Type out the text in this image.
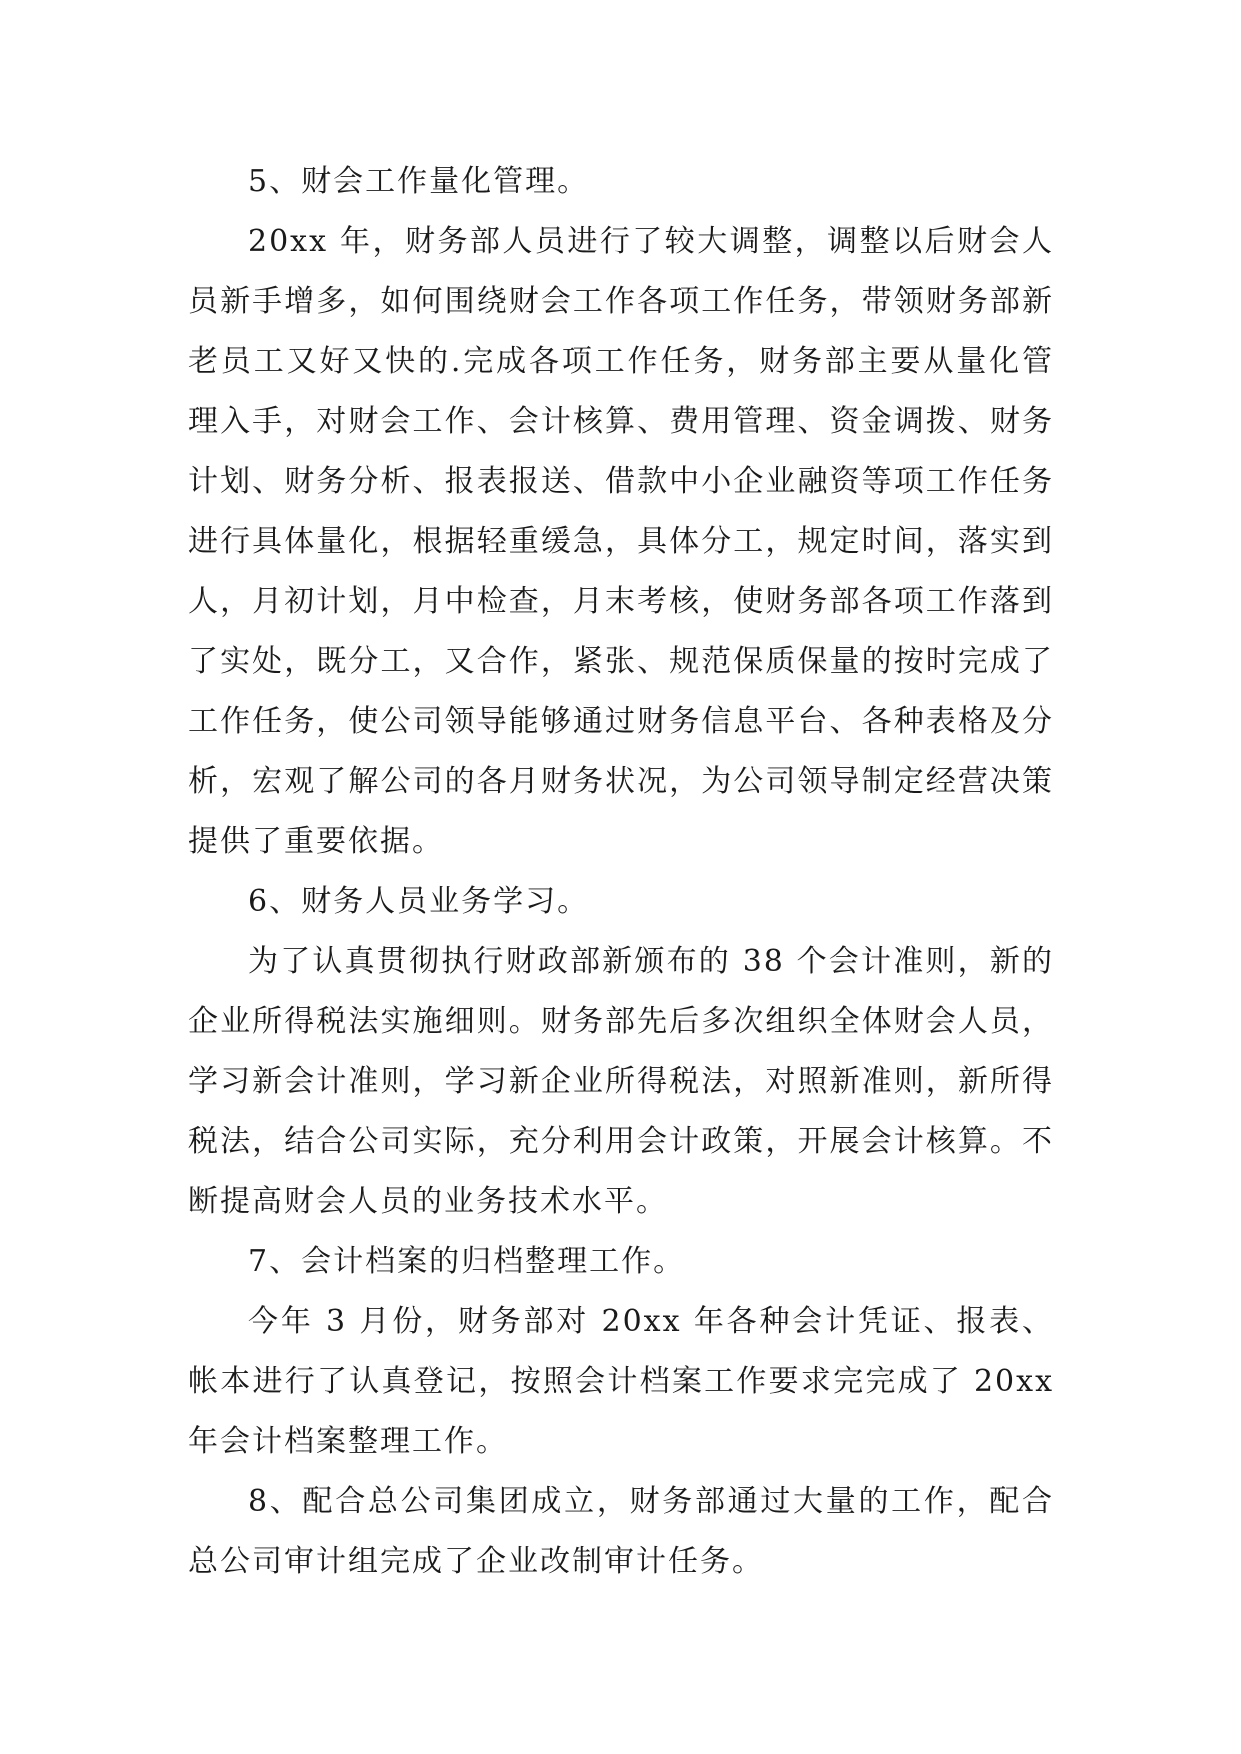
5、财会工作量化管理。

20xx 年，财务部人员进行了较大调整，调整以后财会人员新手增多，如何围绕财会工作各项工作任务，带领财务部新老员工又好又快的.完成各项工作任务，财务部主要从量化管理入手，对财会工作、会计核算、费用管理、资金调拨、财务计划、财务分析、报表报送、借款中小企业融资等项工作任务进行具体量化，根据轻重缓急，具体分工，规定时间，落实到人，月初计划，月中检查，月末考核，使财务部各项工作落到了实处，既分工，又合作，紧张、规范保质保量的按时完成了工作任务，使公司领导能够通过财务信息平台、各种表格及分析，宏观了解公司的各月财务状况，为公司领导制定经营决策提供了重要依据。

6、财务人员业务学习。

为了认真贯彻执行财政部新颁布的 38 个会计准则，新的企业所得税法实施细则。财务部先后多次组织全体财会人员，学习新会计准则，学习新企业所得税法，对照新准则，新所得税法，结合公司实际，充分利用会计政策，开展会计核算。不断提高财会人员的业务技术水平。

7、会计档案的归档整理工作。

今年 3 月份，财务部对 20xx 年各种会计凭证、报表、帐本进行了认真登记，按照会计档案工作要求完完成了 20xx 年会计档案整理工作。

8、配合总公司集团成立，财务部通过大量的工作，配合总公司审计组完成了企业改制审计任务。
